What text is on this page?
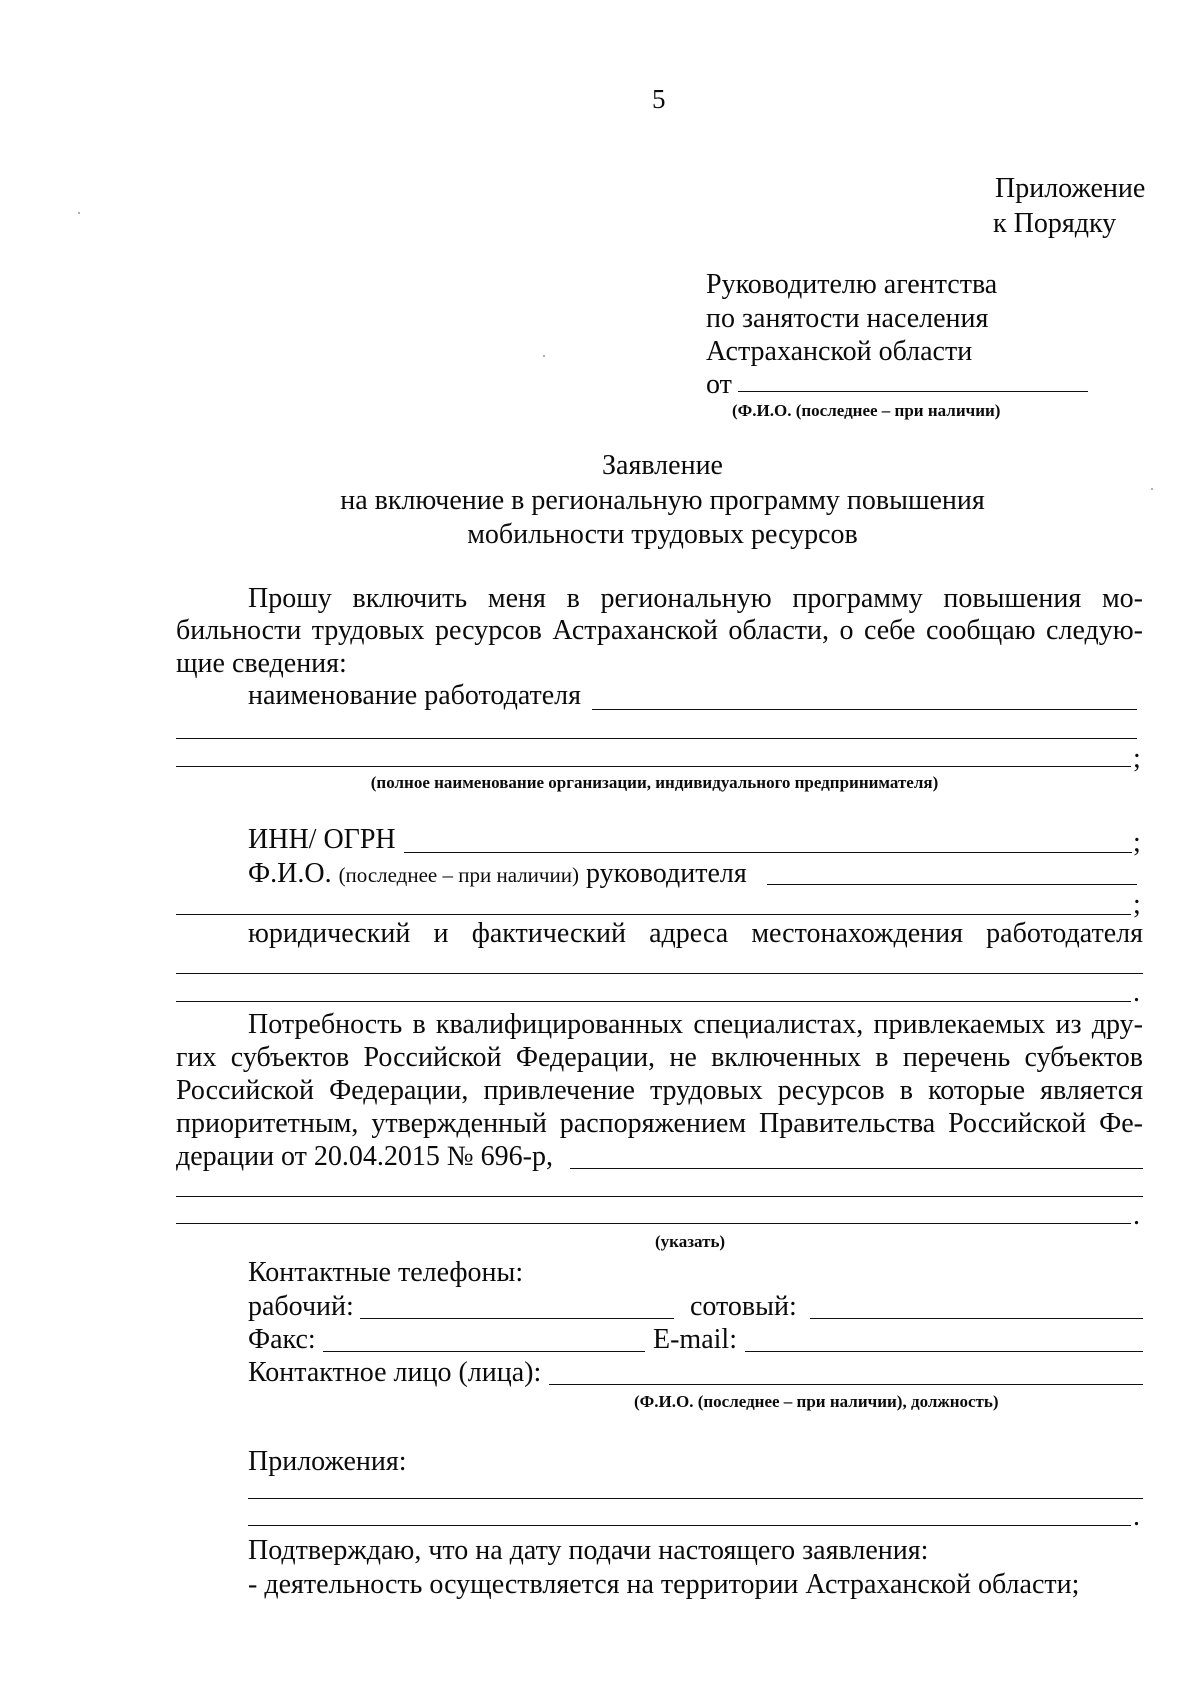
5
Приложение
к Порядку
Руководителю агентства
по занятости населения
Астраханской области
от
(Ф.И.О. (последнее – при наличии)
Заявление
на включение в региональную программу повышения
мобильности трудовых ресурсов
Прошу включить меня в региональную программу повышения мо-
бильности трудовых ресурсов Астраханской области, о себе сообщаю следую-
щие сведения:
наименование работодателя
;
(полное наименование организации, индивидуального предпринимателя)
ИНН/ ОГРН	;
Ф.И.О. (последнее – при наличии) руководителя
;
юридический и фактический адреса местонахождения работодателя
.
Потребность в квалифицированных специалистах, привлекаемых из дру-
гих субъектов Российской Федерации, не включенных в перечень субъектов
Российской Федерации, привлечение трудовых ресурсов в которые является
приоритетным, утвержденный распоряжением Правительства Российской Фе-
дерации от 20.04.2015 № 696-р,
.
(указать)
Контактные телефоны:
рабочий:	сотовый:
Факс:	E-mail:
Контактное лицо (лица):
(Ф.И.О. (последнее – при наличии), должность)
Приложения:
.
Подтверждаю, что на дату подачи настоящего заявления:
- деятельность осуществляется на территории Астраханской области;
